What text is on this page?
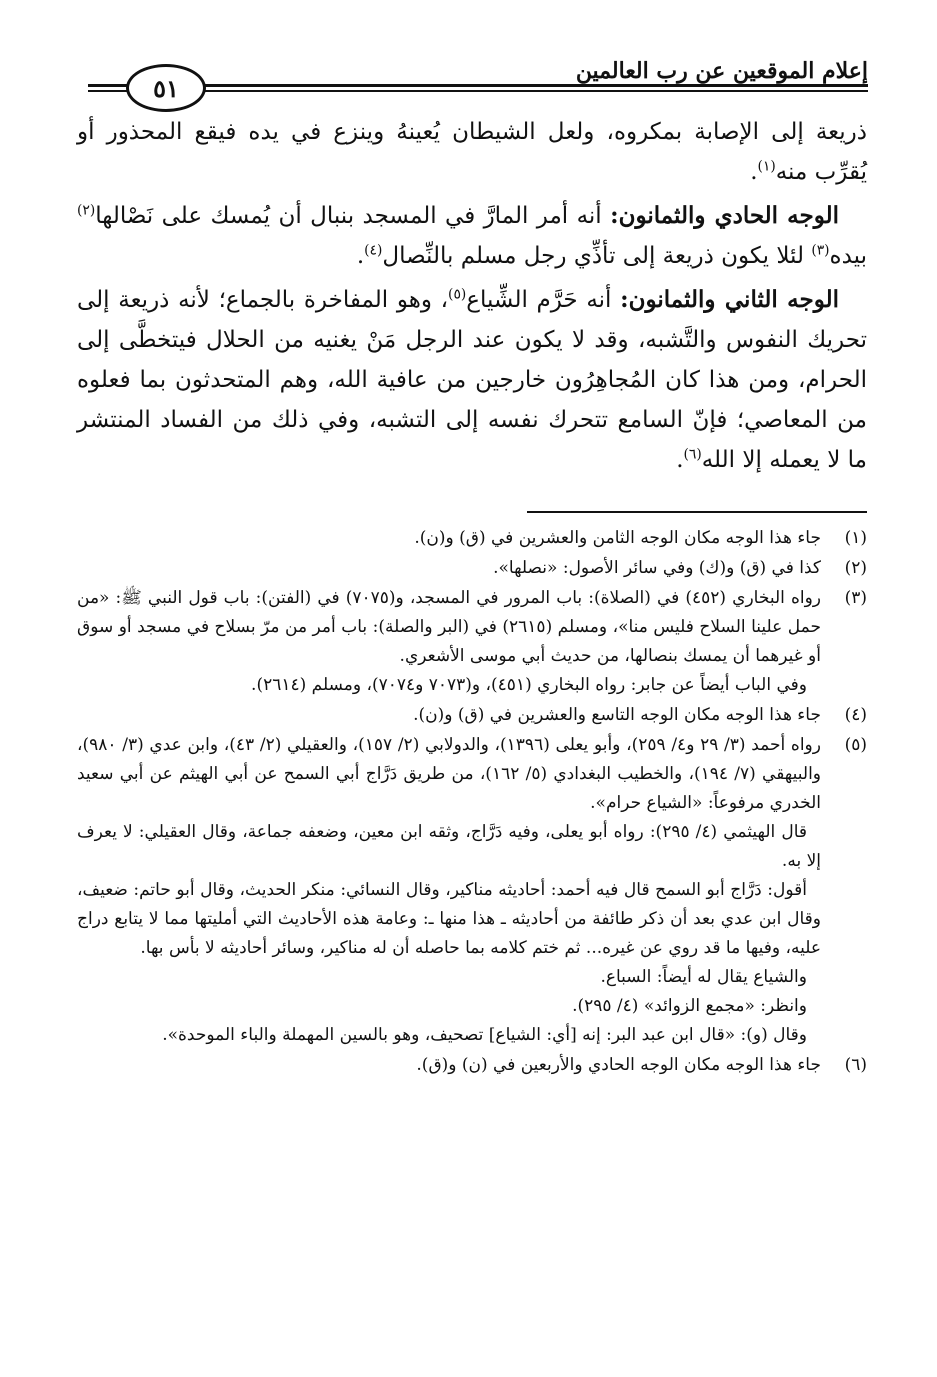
إعلام الموقعين عن رب العالمين
٥١

ذريعة إلى الإصابة بمكروه، ولعل الشيطان يُعينهُ وينزع في يده فيقع المحذور أو يُقرِّب منه$^{(١)}$.

الوجه الحادي والثمانون: أنه أمر المارَّ في المسجد بنبال أن يُمسك على نَصْالها$^{(٢)}$ بيده$^{(٣)}$ لئلا يكون ذريعة إلى تأذِّي رجل مسلم بالنِّصال$^{(٤)}$.

الوجه الثاني والثمانون: أنه حَرَّم الشِّياع$^{(٥)}$، وهو المفاخرة بالجماع؛ لأنه ذريعة إلى تحريك النفوس والتَّشبه، وقد لا يكون عند الرجل مَنْ يغنيه من الحلال فيتخطَّى إلى الحرام، ومن هذا كان المُجاهِرُون خارجين من عافية الله، وهم المتحدثون بما فعلوه من المعاصي؛ فإنّ السامع تتحرك نفسه إلى التشبه، وفي ذلك من الفساد المنتشر ما لا يعمله إلا الله$^{(٦)}$.

(١)
جاء هذا الوجه مكان الوجه الثامن والعشرين في (ق) و(ن).
(٢)
كذا في (ق) و(ك) وفي سائر الأصول: «نصلها».
(٣)
رواه البخاري (٤٥٢) في (الصلاة): باب المرور في المسجد، و(٧٠٧٥) في (الفتن): باب قول النبي ﷺ: «من حمل علينا السلاح فليس منا»، ومسلم (٢٦١٥) في (البر والصلة): باب أمر من مرّ بسلاح في مسجد أو سوق أو غيرهما أن يمسك بنصالها، من حديث أبي موسى الأشعري.
وفي الباب أيضاً عن جابر: رواه البخاري (٤٥١)، و(٧٠٧٣ و٧٠٧٤)، ومسلم (٢٦١٤).
(٤)
جاء هذا الوجه مكان الوجه التاسع والعشرين في (ق) و(ن).
(٥)
رواه أحمد (٣/ ٢٩ و٤/ ٢٥٩)، وأبو يعلى (١٣٩٦)، والدولابي (٢/ ١٥٧)، والعقيلي (٢/ ٤٣)، وابن عدي (٣/ ٩٨٠)، والبيهقي (٧/ ١٩٤)، والخطيب البغدادي (٥/ ١٦٢)، من طريق دَرَّاج أبي السمح عن أبي الهيثم عن أبي سعيد الخدري مرفوعاً: «الشياع حرام».
قال الهيثمي (٤/ ٢٩٥): رواه أبو يعلى، وفيه دَرَّاج، وثقه ابن معين، وضعفه جماعة، وقال العقيلي: لا يعرف إلا به.
أقول: دَرَّاج أبو السمح قال فيه أحمد: أحاديثه مناكير، وقال النسائي: منكر الحديث، وقال أبو حاتم: ضعيف، وقال ابن عدي بعد أن ذكر طائفة من أحاديثه ـ هذا منها ـ: وعامة هذه الأحاديث التي أمليتها مما لا يتابع دراج عليه، وفيها ما قد روي عن غيره... ثم ختم كلامه بما حاصله أن له مناكير، وسائر أحاديثه لا بأس بها.
والشياع يقال له أيضاً: السباع.
وانظر: «مجمع الزوائد» (٤/ ٢٩٥).
وقال (و): «قال ابن عبد البر: إنه [أي: الشياع] تصحيف، وهو بالسين المهملة والباء الموحدة».
(٦)
جاء هذا الوجه مكان الوجه الحادي والأربعين في (ن) و(ق).
